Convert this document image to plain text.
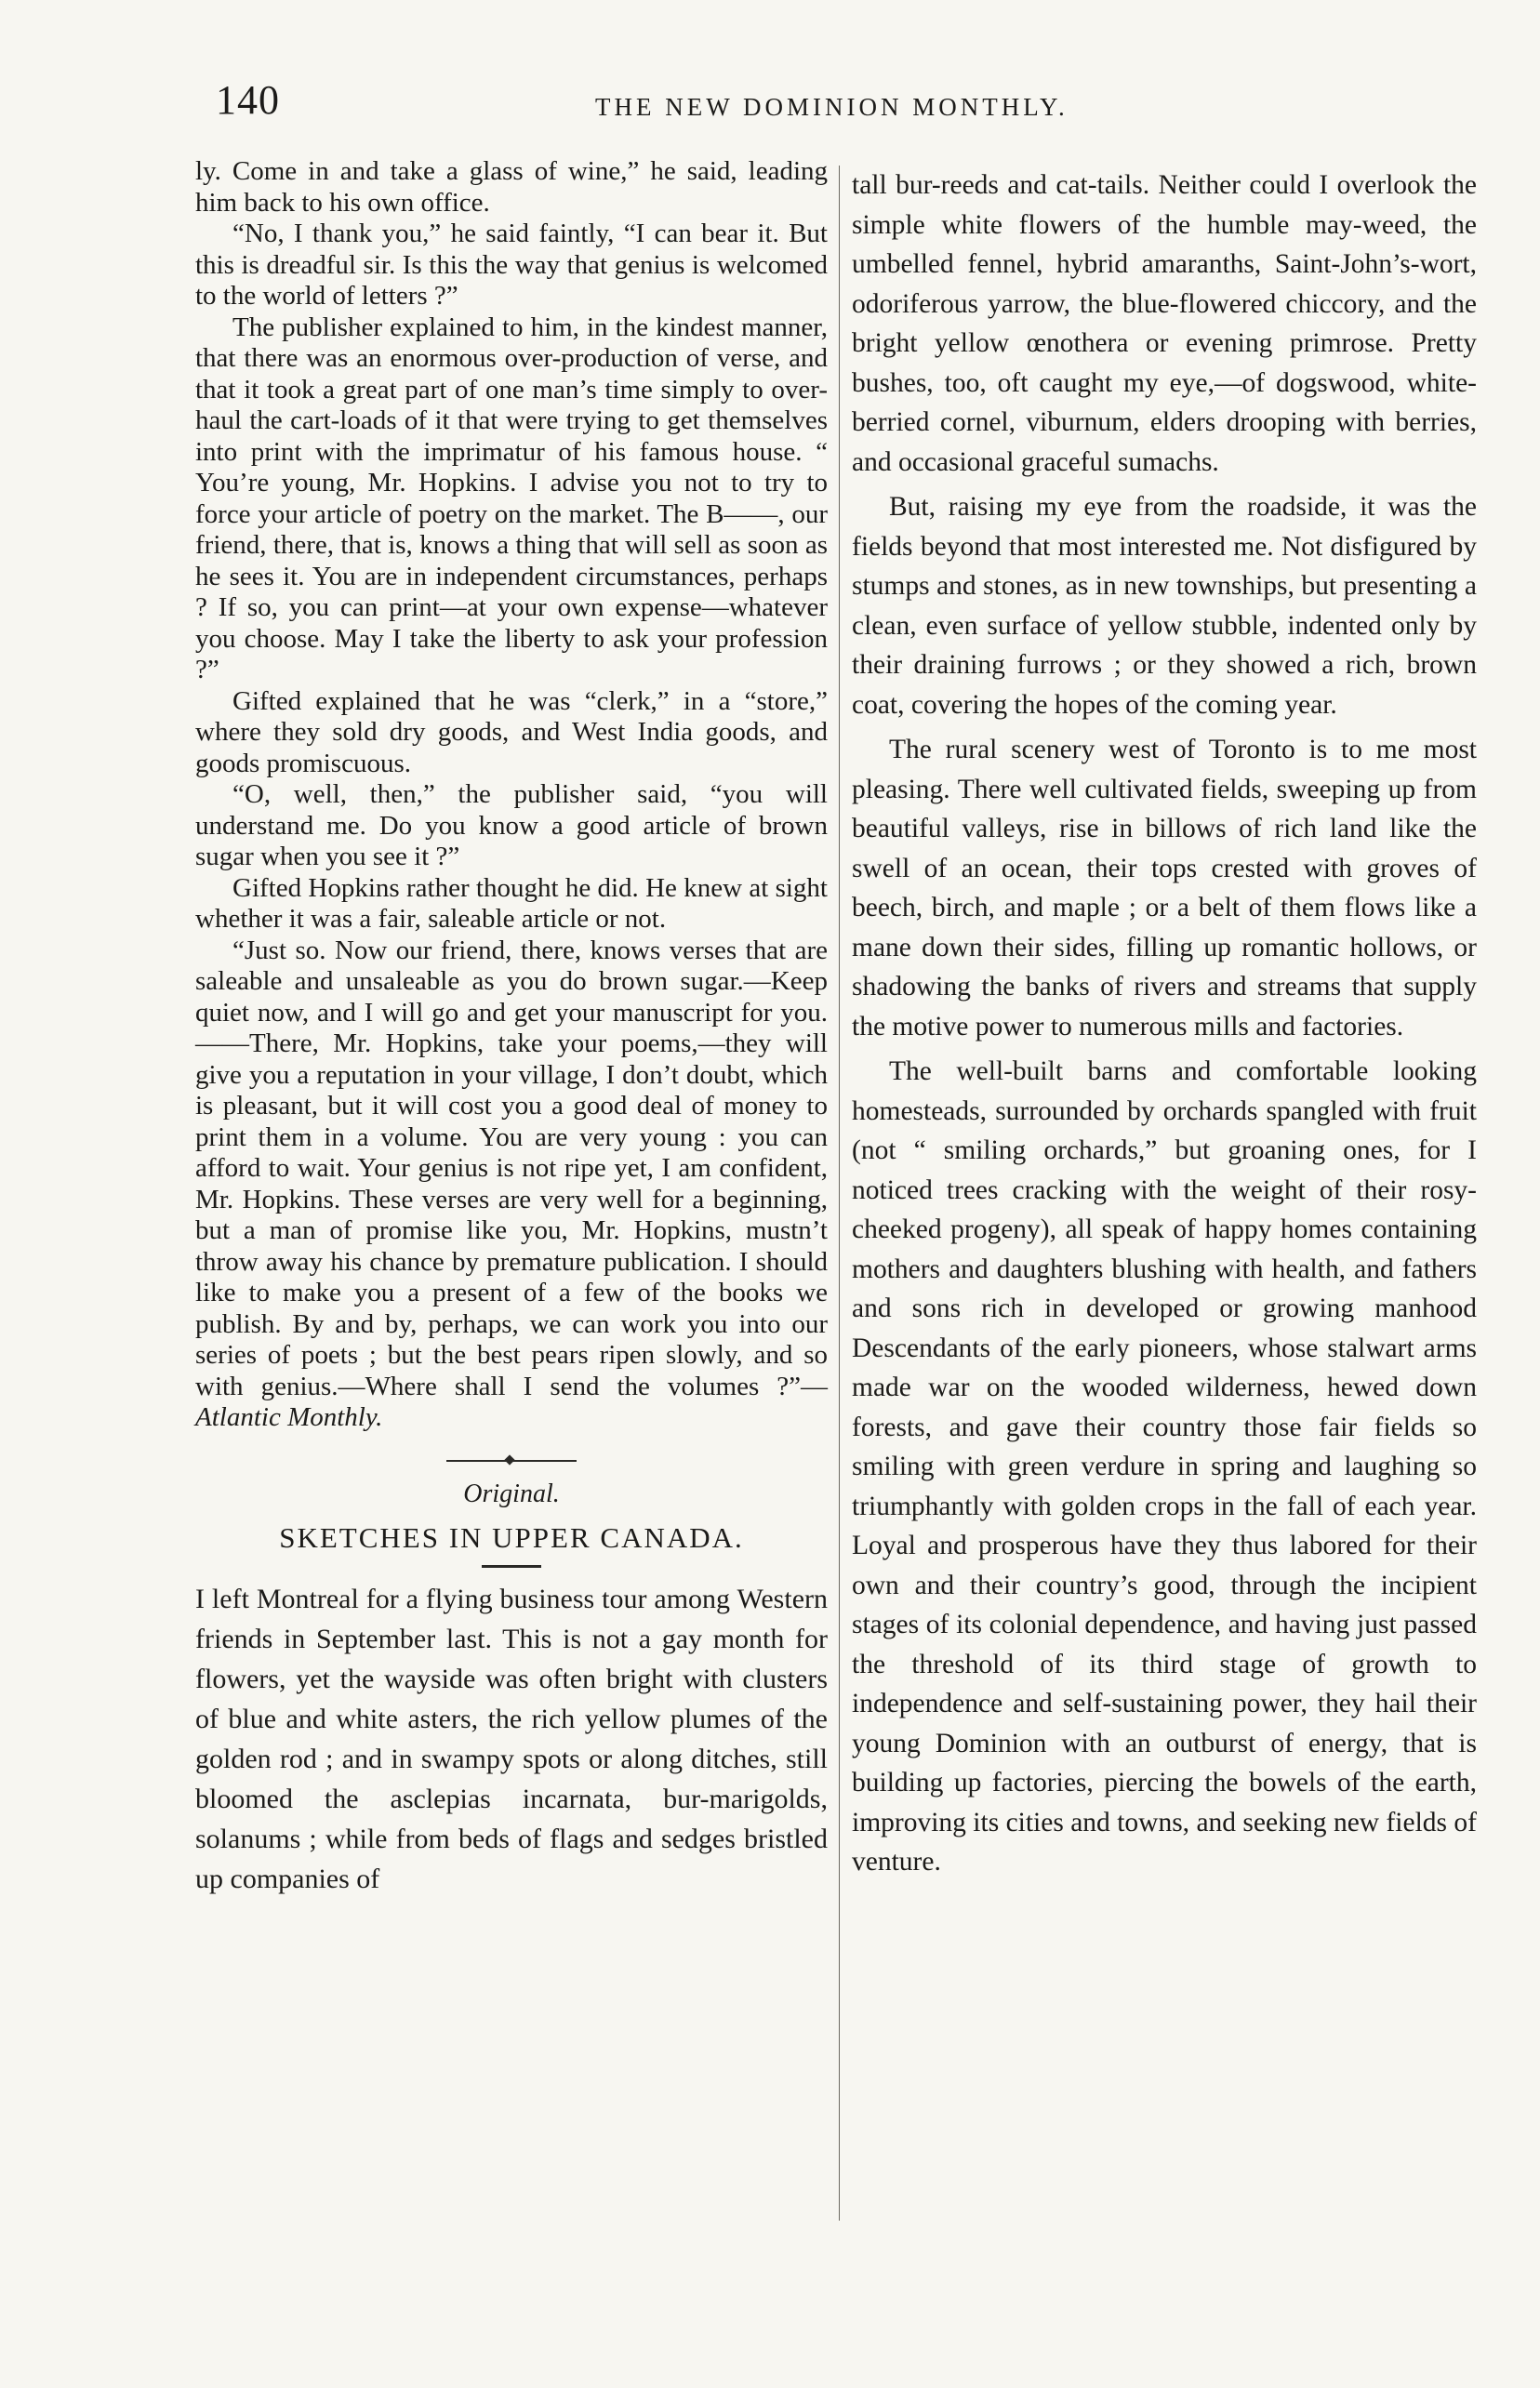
140	THE NEW DOMINION MONTHLY.

ly. Come in and take a glass of wine,” he said, leading him back to his own office.

“No, I thank you,” he said faintly, “I can bear it. But this is dreadful sir. Is this the way that genius is welcomed to the world of letters ?”

The publisher explained to him, in the kindest manner, that there was an enormous over-production of verse, and that it took a great part of one man’s time simply to over-haul the cart-loads of it that were trying to get themselves into print with the imprimatur of his famous house. “ You’re young, Mr. Hopkins. I advise you not to try to force your article of poetry on the market. The B——, our friend, there, that is, knows a thing that will sell as soon as he sees it. You are in independent circumstances, perhaps ? If so, you can print—at your own expense—whatever you choose. May I take the liberty to ask your profession ?”

Gifted explained that he was “clerk,” in a “store,” where they sold dry goods, and West India goods, and goods promiscuous.

“O, well, then,” the publisher said, “you will understand me. Do you know a good article of brown sugar when you see it ?”

Gifted Hopkins rather thought he did. He knew at sight whether it was a fair, saleable article or not.

“Just so. Now our friend, there, knows verses that are saleable and unsaleable as you do brown sugar.—Keep quiet now, and I will go and get your manuscript for you.——There, Mr. Hopkins, take your poems,—they will give you a reputation in your village, I don’t doubt, which is pleasant, but it will cost you a good deal of money to print them in a volume. You are very young : you can afford to wait. Your genius is not ripe yet, I am confident, Mr. Hopkins. These verses are very well for a beginning, but a man of promise like you, Mr. Hopkins, mustn’t throw away his chance by premature publication. I should like to make you a present of a few of the books we publish. By and by, perhaps, we can work you into our series of poets ; but the best pears ripen slowly, and so with genius.—Where shall I send the volumes ?”—Atlantic Monthly.

Original.
SKETCHES IN UPPER CANADA.

I left Montreal for a flying business tour among Western friends in September last. This is not a gay month for flowers, yet the wayside was often bright with clusters of blue and white asters, the rich yellow plumes of the golden rod ; and in swampy spots or along ditches, still bloomed the asclepias incarnata, bur-marigolds, solanums ; while from beds of flags and sedges bristled up companies of

tall bur-reeds and cat-tails. Neither could I overlook the simple white flowers of the humble may-weed, the umbelled fennel, hybrid amaranths, Saint-John’s-wort, odoriferous yarrow, the blue-flowered chiccory, and the bright yellow œnothera or evening primrose. Pretty bushes, too, oft caught my eye,—of dogswood, white-berried cornel, viburnum, elders drooping with berries, and occasional graceful sumachs.

But, raising my eye from the roadside, it was the fields beyond that most interested me. Not disfigured by stumps and stones, as in new townships, but presenting a clean, even surface of yellow stubble, indented only by their draining furrows ; or they showed a rich, brown coat, covering the hopes of the coming year.

The rural scenery west of Toronto is to me most pleasing. There well cultivated fields, sweeping up from beautiful valleys, rise in billows of rich land like the swell of an ocean, their tops crested with groves of beech, birch, and maple ; or a belt of them flows like a mane down their sides, filling up romantic hollows, or shadowing the banks of rivers and streams that supply the motive power to numerous mills and factories.

The well-built barns and comfortable looking homesteads, surrounded by orchards spangled with fruit (not “ smiling orchards,” but groaning ones, for I noticed trees cracking with the weight of their rosy-cheeked progeny), all speak of happy homes containing mothers and daughters blushing with health, and fathers and sons rich in developed or growing manhood Descendants of the early pioneers, whose stalwart arms made war on the wooded wilderness, hewed down forests, and gave their country those fair fields so smiling with green verdure in spring and laughing so triumphantly with golden crops in the fall of each year. Loyal and prosperous have they thus labored for their own and their country’s good, through the incipient stages of its colonial dependence, and having just passed the threshold of its third stage of growth to independence and self-sustaining power, they hail their young Dominion with an outburst of energy, that is building up factories, piercing the bowels of the earth, improving its cities and towns, and seeking new fields of venture.
